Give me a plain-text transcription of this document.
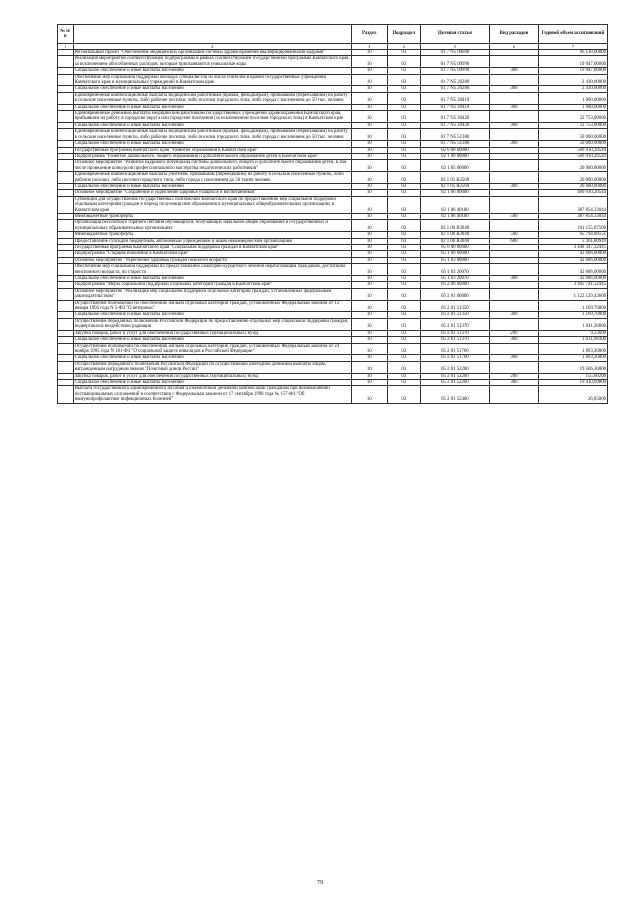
№ п/п		Раздел	Подраздел	Целевая статья	Вид расходов	Годовой объем ассигнований
1	2	3	4	5	6	7
	Региональный проект "Обеспечение медицинских организаций системы здравоохранения квалифицированными кадрами"	10	03	01 7 N5 00000		96 130,00000
	Реализация мероприятий соответствующей подпрограммы в рамках соответствующей государственной программы Камчатского края, за исключением обособленных расходов, которым присваиваются уникальные коды	10	03	01 7 N5 09990		19 947,00000
	Социальное обеспечение и иные выплаты населению	10	03	01 7 N5 09990	300	19 947,00000
	Обеспечение мер социальной поддержки молодых специалистов из числа учителей в врачей государственных учреждений Камчатского края и муниципальных учреждений в Камчатском крае	10	03	01 7 N5 20280		2 430,00000
	Социальное обеспечение и иные выплаты населению	10	03	01 7 N5 20280	300	2 430,00000
	Единовременные компенсационные выплаты медицинским работникам (врачам, фельдшерам), прибывшим (переехавшим) на работу в сельские населенные пункты, либо рабочие поселки, либо поселки городского типа, либо города с населением до 50 тыс. человек	10	03	01 7 N5 20410		1 000,00000
	Социальное обеспечение и иные выплаты населению	10	03	01 7 N5 20410	300	1 000,00000
	Единовременные денежные выплаты медицинским работникам государственных учреждений здравоохранения Камчатского края, прибывшим на работу в городские округа или городские поселения (за исключением поселков городского типа) в Камчатском крае	10	03	01 7 N5 20420		22 753,00000
	Социальное обеспечение и иные выплаты населению	10	03	01 7 N5 20420	300	22 753,00000
	Единовременные компенсационные выплаты медицинским работникам (врачам, фельдшерам), прибывшим (переехавшим) на работу в сельские населенные пункты, либо рабочие поселки, либо поселки городского типа, либо города с населением до 50 тыс. человек	10	03	01 7 N5 51380		50 000,00000
	Социальное обеспечение и иные выплаты населению	10	03	01 7 N5 51380	300	50 000,00000
	Государственная программа Камчатского края "Развитие образования в Камчатском крае"	10	03	02 0 00 00000		509 010,20544
	Подпрограмма "Развитие дошкольного, общего образования и дополнительного образования детей в Камчатском крае"	10	03	02 1 00 00000		509 010,20544
	Основное мероприятие "Развитие кадрового потенциала системы дошкольного, общего и дополнительного образования детей, в том числе проведение конкурсов профессионального мастерства педагогических работников"	10	03	02 1 05 00000		20 000,00000
	Единовременные компенсационные выплаты учителям, прибывшим (переехавшим) на работу в сельские населенные пункты, либо рабочие поселки, либо поселки городского типа, либо города с населением до 50 тысяч человек	10	03	02 1 05 R2560		20 000,00000
	Социальное обеспечение и иные выплаты населению	10	03	02 1 05 R2560	300	20 000,00000
	Основное мероприятие "Сохранение и укрепление здоровья учащихся и воспитанников"	10	03	02 1 06 00000		489 010,20544
	Субвенции для осуществления государственных полномочий Камчатского края по предоставлению мер социальной поддержки отдельным категориям граждан в период получения ими образования в муниципальных общеобразовательных организациях в Камчатском крае	10	03	02 1 06 40180		387 854,33044
	Межбюджетные трансферты	10	03	02 1 06 40180	500	387 854,33044
	Организация бесплатного горячего питания обучающихся, получающих начальное общее образование в государственных и муниципальных образовательных организациях	10	03	02 1 06 R3040		101 155,87500
	Межбюджетные трансферты	10	03	02 1 06 R3040	500	95 794,88551
	Предоставление субсидий бюджетным, автономным учреждениям и иным некоммерческим организациям	10	03	02 1 06 R3040	600	5 361,00949
	Государственная программа Камчатского края "Социальная поддержка граждан в Камчатском крае"	10	03	05 0 00 00000		3 448 347,32445
	Подпрограмма "Старшее поколение в Камчатском крае"	10	03	05 1 00 00000		42 606,00000
	Основное мероприятие "Укрепление здоровья граждан пожилого возраста"	10	03	05 1 03 00000		42 606,00000
	Обеспечение мер социальной поддержки по предоставлению санаторно-курортного лечения неработающим гражданам, достигшим пенсионного возраста, по старости	10	03	05 1 03 20070		42 606,00000
	Социальное обеспечение и иные выплаты населению	10	03	05 1 03 20070	300	42 606,00000
	Подпрограмма "Меры социальной поддержки отдельных категорий граждан в Камчатском крае"	10	03	05 2 00 00000		3 405 741,32445
	Основное мероприятие "Реализация мер социальной поддержки отдельных категорий граждан, установленных федеральным законодательством"	10	03	05 2 01 00000		1 122 129,43600
	Осуществление полномочий по обеспечению жильем отдельных категорий граждан, установленных Федеральным законом от 12 января 1995 года N 5-ФЗ "О ветеранах"	10	03	05 2 01 51350		1 169,70000
	Социальное обеспечение и иные выплаты населению	10	03	05 2 01 51350	300	1 169,70000
	Осуществление переданных полномочий Российской Федерации по предоставлению отдельных мер социальной поддержки граждан, подвергшихся воздействию радиации	10	03	05 2 01 51370		1 041,20000
	Закупка товаров, работ и услуг для обеспечения государственных (муниципальных) нужд	10	03	05 2 01 51370	200	9,23600
	Социальное обеспечение и иные выплаты населению	10	03	05 2 01 51370	300	1 031,96400
	Осуществление полномочий по обеспечению жильем отдельных категорий граждан, установленных Федеральным законом от 24 ноября 1995 года N 181-ФЗ "О социальной защите инвалидов в Российской Федерации"	10	03	05 2 01 51760		1 893,20000
	Социальное обеспечение и иные выплаты населению	10	03	05 2 01 51760	300	1 893,20000
	Осуществление переданного полномочия Российской Федерации по осуществлению ежегодной денежной выплаты лицам, награжденным нагрудным знаком "Почетный донор России"	10	03	05 2 01 52200		19 566,30000
	Закупка товаров, работ и услуг для обеспечения государственных (муниципальных) нужд	10	03	05 2 01 52200	200	155,60200
	Социальное обеспечение и иные выплаты населению	10	03	05 2 01 52200	300	19 410,69800
	Выплата государственного единовременного пособия и ежемесячной денежной компенсации гражданам при возникновении поствакцинальных осложнений в соответствии с Федеральным законом от 17 сентября 1998 года № 157-ФЗ "Об иммунопрофилактике инфекционных болезней"	10	03	05 2 01 52400		26,85000
79
